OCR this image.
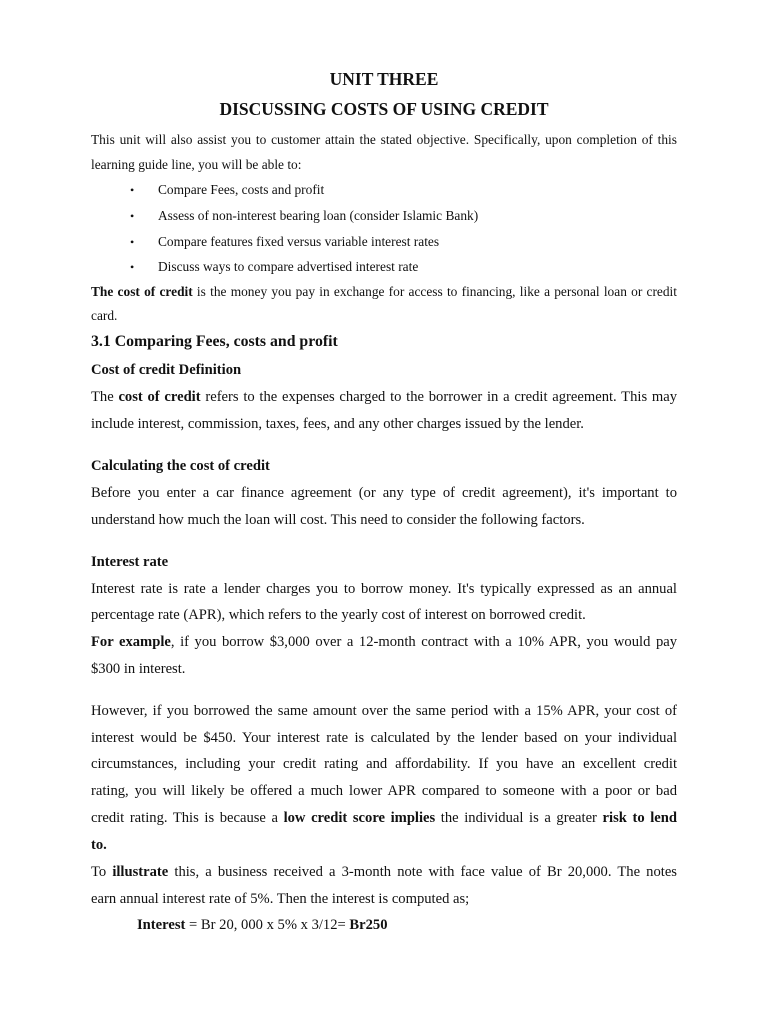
UNIT THREE
DISCUSSING COSTS OF USING CREDIT
This unit will also assist you to customer attain the stated objective. Specifically, upon completion of this
learning guide line, you will be able to:
• Compare Fees, costs and profit
• Assess of non-interest bearing loan (consider Islamic Bank)
• Compare features fixed versus variable interest rates
• Discuss ways to compare advertised interest rate
The cost of credit is the money you pay in exchange for access to financing, like a personal loan or credit
card.
3.1 Comparing Fees, costs and profit
Cost of credit Definition
The cost of credit refers to the expenses charged to the borrower in a credit agreement. This may
include interest, commission, taxes, fees, and any other charges issued by the lender.
Calculating the cost of credit
Before you enter a car finance agreement (or any type of credit agreement), it's important to
understand how much the loan will cost. This need to consider the following factors.
Interest rate
Interest rate is rate a lender charges you to borrow money. It's typically expressed as an annual
percentage rate (APR), which refers to the yearly cost of interest on borrowed credit.
For example, if you borrow $3,000 over a 12-month contract with a 10% APR, you would pay
$300 in interest.
However, if you borrowed the same amount over the same period with a 15% APR, your cost of
interest would be $450. Your interest rate is calculated by the lender based on your individual
circumstances, including your credit rating and affordability. If you have an excellent credit
rating, you will likely be offered a much lower APR compared to someone with a poor or bad
credit rating. This is because a low credit score implies the individual is a greater risk to lend
to.
To illustrate this, a business received a 3-month note with face value of Br 20,000. The notes
earn annual interest rate of 5%. Then the interest is computed as;
Interest = Br 20, 000 x 5% x 3/12= Br250
